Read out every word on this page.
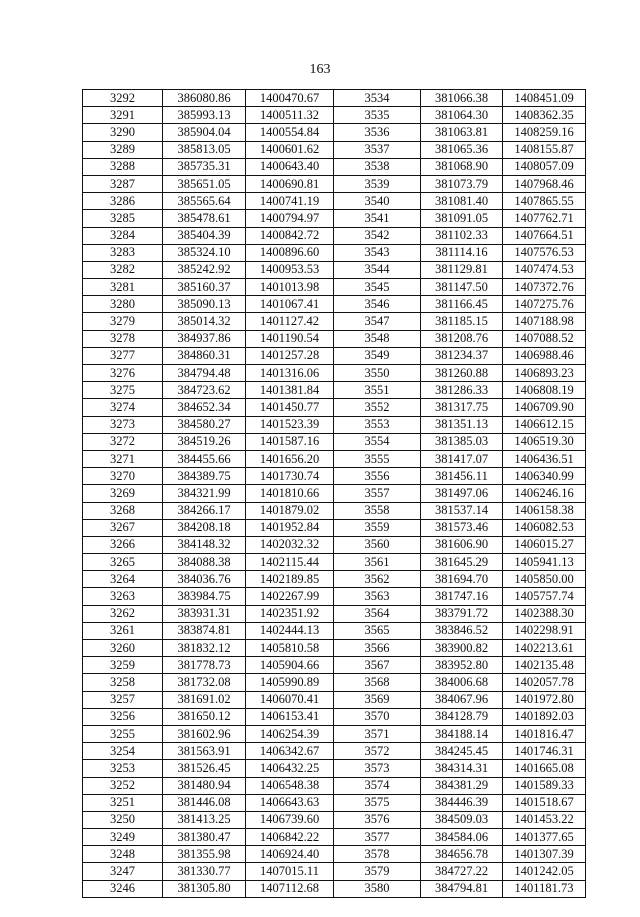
163
3292	386080.86	1400470.67	3534	381066.38	1408451.09
3291	385993.13	1400511.32	3535	381064.30	1408362.35
3290	385904.04	1400554.84	3536	381063.81	1408259.16
3289	385813.05	1400601.62	3537	381065.36	1408155.87
3288	385735.31	1400643.40	3538	381068.90	1408057.09
3287	385651.05	1400690.81	3539	381073.79	1407968.46
3286	385565.64	1400741.19	3540	381081.40	1407865.55
3285	385478.61	1400794.97	3541	381091.05	1407762.71
3284	385404.39	1400842.72	3542	381102.33	1407664.51
3283	385324.10	1400896.60	3543	381114.16	1407576.53
3282	385242.92	1400953.53	3544	381129.81	1407474.53
3281	385160.37	1401013.98	3545	381147.50	1407372.76
3280	385090.13	1401067.41	3546	381166.45	1407275.76
3279	385014.32	1401127.42	3547	381185.15	1407188.98
3278	384937.86	1401190.54	3548	381208.76	1407088.52
3277	384860.31	1401257.28	3549	381234.37	1406988.46
3276	384794.48	1401316.06	3550	381260.88	1406893.23
3275	384723.62	1401381.84	3551	381286.33	1406808.19
3274	384652.34	1401450.77	3552	381317.75	1406709.90
3273	384580.27	1401523.39	3553	381351.13	1406612.15
3272	384519.26	1401587.16	3554	381385.03	1406519.30
3271	384455.66	1401656.20	3555	381417.07	1406436.51
3270	384389.75	1401730.74	3556	381456.11	1406340.99
3269	384321.99	1401810.66	3557	381497.06	1406246.16
3268	384266.17	1401879.02	3558	381537.14	1406158.38
3267	384208.18	1401952.84	3559	381573.46	1406082.53
3266	384148.32	1402032.32	3560	381606.90	1406015.27
3265	384088.38	1402115.44	3561	381645.29	1405941.13
3264	384036.76	1402189.85	3562	381694.70	1405850.00
3263	383984.75	1402267.99	3563	381747.16	1405757.74
3262	383931.31	1402351.92	3564	383791.72	1402388.30
3261	383874.81	1402444.13	3565	383846.52	1402298.91
3260	381832.12	1405810.58	3566	383900.82	1402213.61
3259	381778.73	1405904.66	3567	383952.80	1402135.48
3258	381732.08	1405990.89	3568	384006.68	1402057.78
3257	381691.02	1406070.41	3569	384067.96	1401972.80
3256	381650.12	1406153.41	3570	384128.79	1401892.03
3255	381602.96	1406254.39	3571	384188.14	1401816.47
3254	381563.91	1406342.67	3572	384245.45	1401746.31
3253	381526.45	1406432.25	3573	384314.31	1401665.08
3252	381480.94	1406548.38	3574	384381.29	1401589.33
3251	381446.08	1406643.63	3575	384446.39	1401518.67
3250	381413.25	1406739.60	3576	384509.03	1401453.22
3249	381380.47	1406842.22	3577	384584.06	1401377.65
3248	381355.98	1406924.40	3578	384656.78	1401307.39
3247	381330.77	1407015.11	3579	384727.22	1401242.05
3246	381305.80	1407112.68	3580	384794.81	1401181.73
